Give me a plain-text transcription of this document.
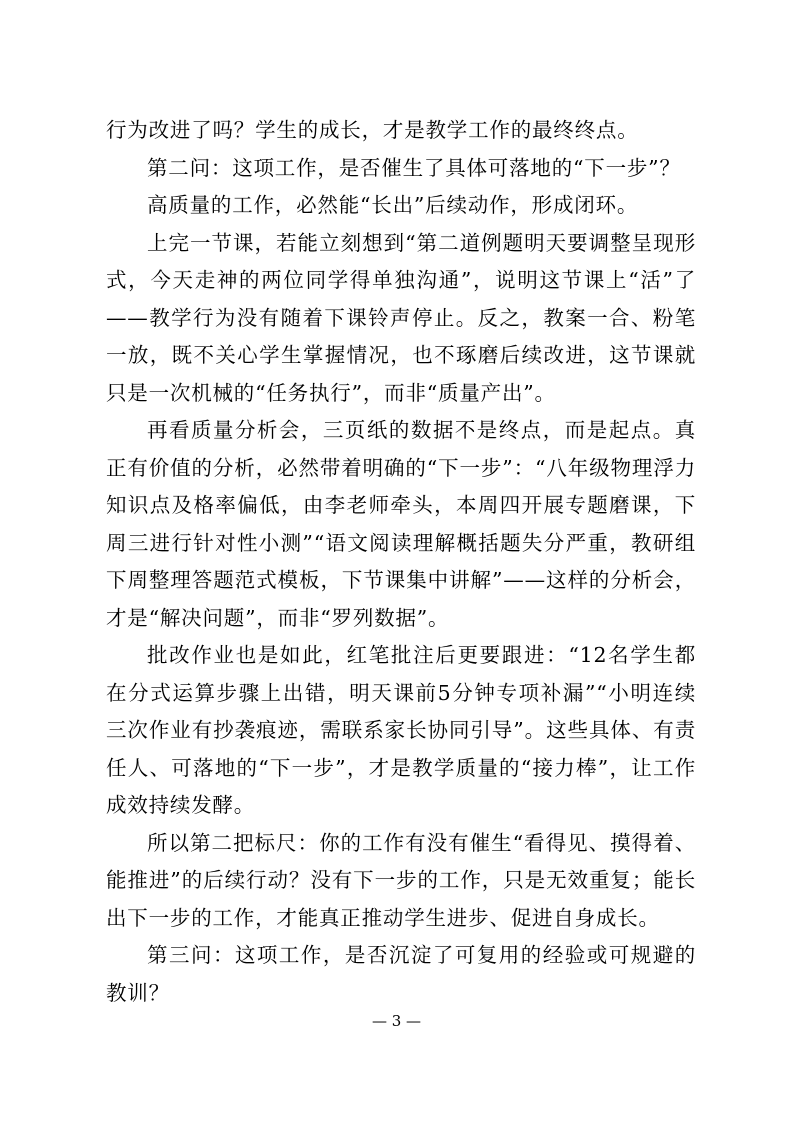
行为改进了吗？学生的成长，才是教学工作的最终终点。

第二问：这项工作，是否催生了具体可落地的“下一步”？

高质量的工作，必然能“长出”后续动作，形成闭环。

上完一节课，若能立刻想到“第二道例题明天要调整呈现形式，今天走神的两位同学得单独沟通”，说明这节课上“活”了——教学行为没有随着下课铃声停止。反之，教案一合、粉笔一放，既不关心学生掌握情况，也不琢磨后续改进，这节课就只是一次机械的“任务执行”，而非“质量产出”。

再看质量分析会，三页纸的数据不是终点，而是起点。真正有价值的分析，必然带着明确的“下一步”：“八年级物理浮力知识点及格率偏低，由李老师牵头，本周四开展专题磨课，下周三进行针对性小测”“语文阅读理解概括题失分严重，教研组下周整理答题范式模板，下节课集中讲解”——这样的分析会，才是“解决问题”，而非“罗列数据”。

批改作业也是如此，红笔批注后更要跟进：“12名学生都在分式运算步骤上出错，明天课前5分钟专项补漏”“小明连续三次作业有抄袭痕迹，需联系家长协同引导”。这些具体、有责任人、可落地的“下一步”，才是教学质量的“接力棒”，让工作成效持续发酵。

所以第二把标尺：你的工作有没有催生“看得见、摸得着、能推进”的后续行动？没有下一步的工作，只是无效重复；能长出下一步的工作，才能真正推动学生进步、促进自身成长。

第三问：这项工作，是否沉淀了可复用的经验或可规避的教训？

— 3 —
